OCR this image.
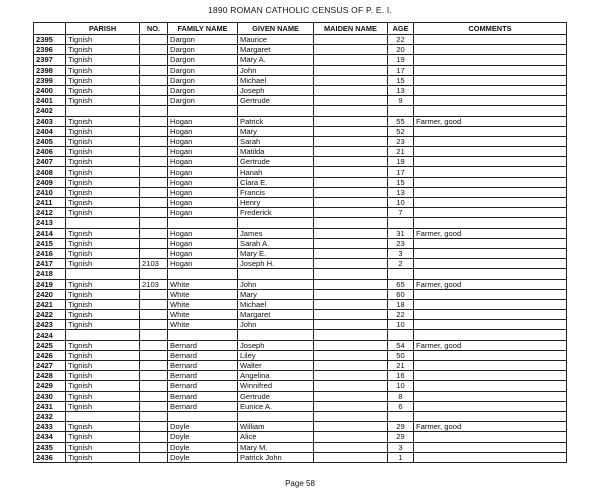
1890 ROMAN CATHOLIC CENSUS OF P. E. I.
	PARISH	NO.	FAMILY NAME	GIVEN NAME	MAIDEN NAME	AGE	COMMENTS
2395	Tignish		Dargon	Maurice		22	
2396	Tignish		Dargon	Margaret		20	
2397	Tignish		Dargon	Mary A.		19	
2398	Tignish		Dargon	John		17	
2399	Tignish		Dargon	Michael		15	
2400	Tignish		Dargon	Joseph		13	
2401	Tignish		Dargon	Gertrude		9	
2402							
2403	Tignish		Hogan	Patrick		55	Farmer, good
2404	Tignish		Hogan	Mary		52	
2405	Tignish		Hogan	Sarah		23	
2406	Tignish		Hogan	Matilda		21	
2407	Tignish		Hogan	Gertrude		19	
2408	Tignish		Hogan	Hanah		17	
2409	Tignish		Hogan	Clara E.		15	
2410	Tignish		Hogan	Francis		13	
2411	Tignish		Hogan	Henry		10	
2412	Tignish		Hogan	Frederick		7	
2413							
2414	Tignish		Hogan	James		31	Farmer, good
2415	Tignish		Hogan	Sarah A.		23	
2416	Tignish		Hogan	Mary E.		3	
2417	Tignish	2103	Hogan	Joseph H.		2	
2418							
2419	Tignish	2103	White	John		65	Farmer, good
2420	Tignish		White	Mary		60	
2421	Tignish		White	Michael		18	
2422	Tignish		White	Margaret		22	
2423	Tignish		White	John		10	
2424							
2425	Tignish		Bernard	Joseph		54	Farmer, good
2426	Tignish		Bernard	Liley		50	
2427	Tignish		Bernard	Walter		21	
2428	Tignish		Bernard	Angelina		16	
2429	Tignish		Bernard	Winnifred		10	
2430	Tignish		Bernard	Gertrude		8	
2431	Tignish		Bernard	Eunice A.		6	
2432							
2433	Tignish		Doyle	William		29	Farmer, good
2434	Tignish		Doyle	Alice		29	
2435	Tignish		Doyle	Mary M.		3	
2436	Tignish		Doyle	Patrick John		1	
Page 58
